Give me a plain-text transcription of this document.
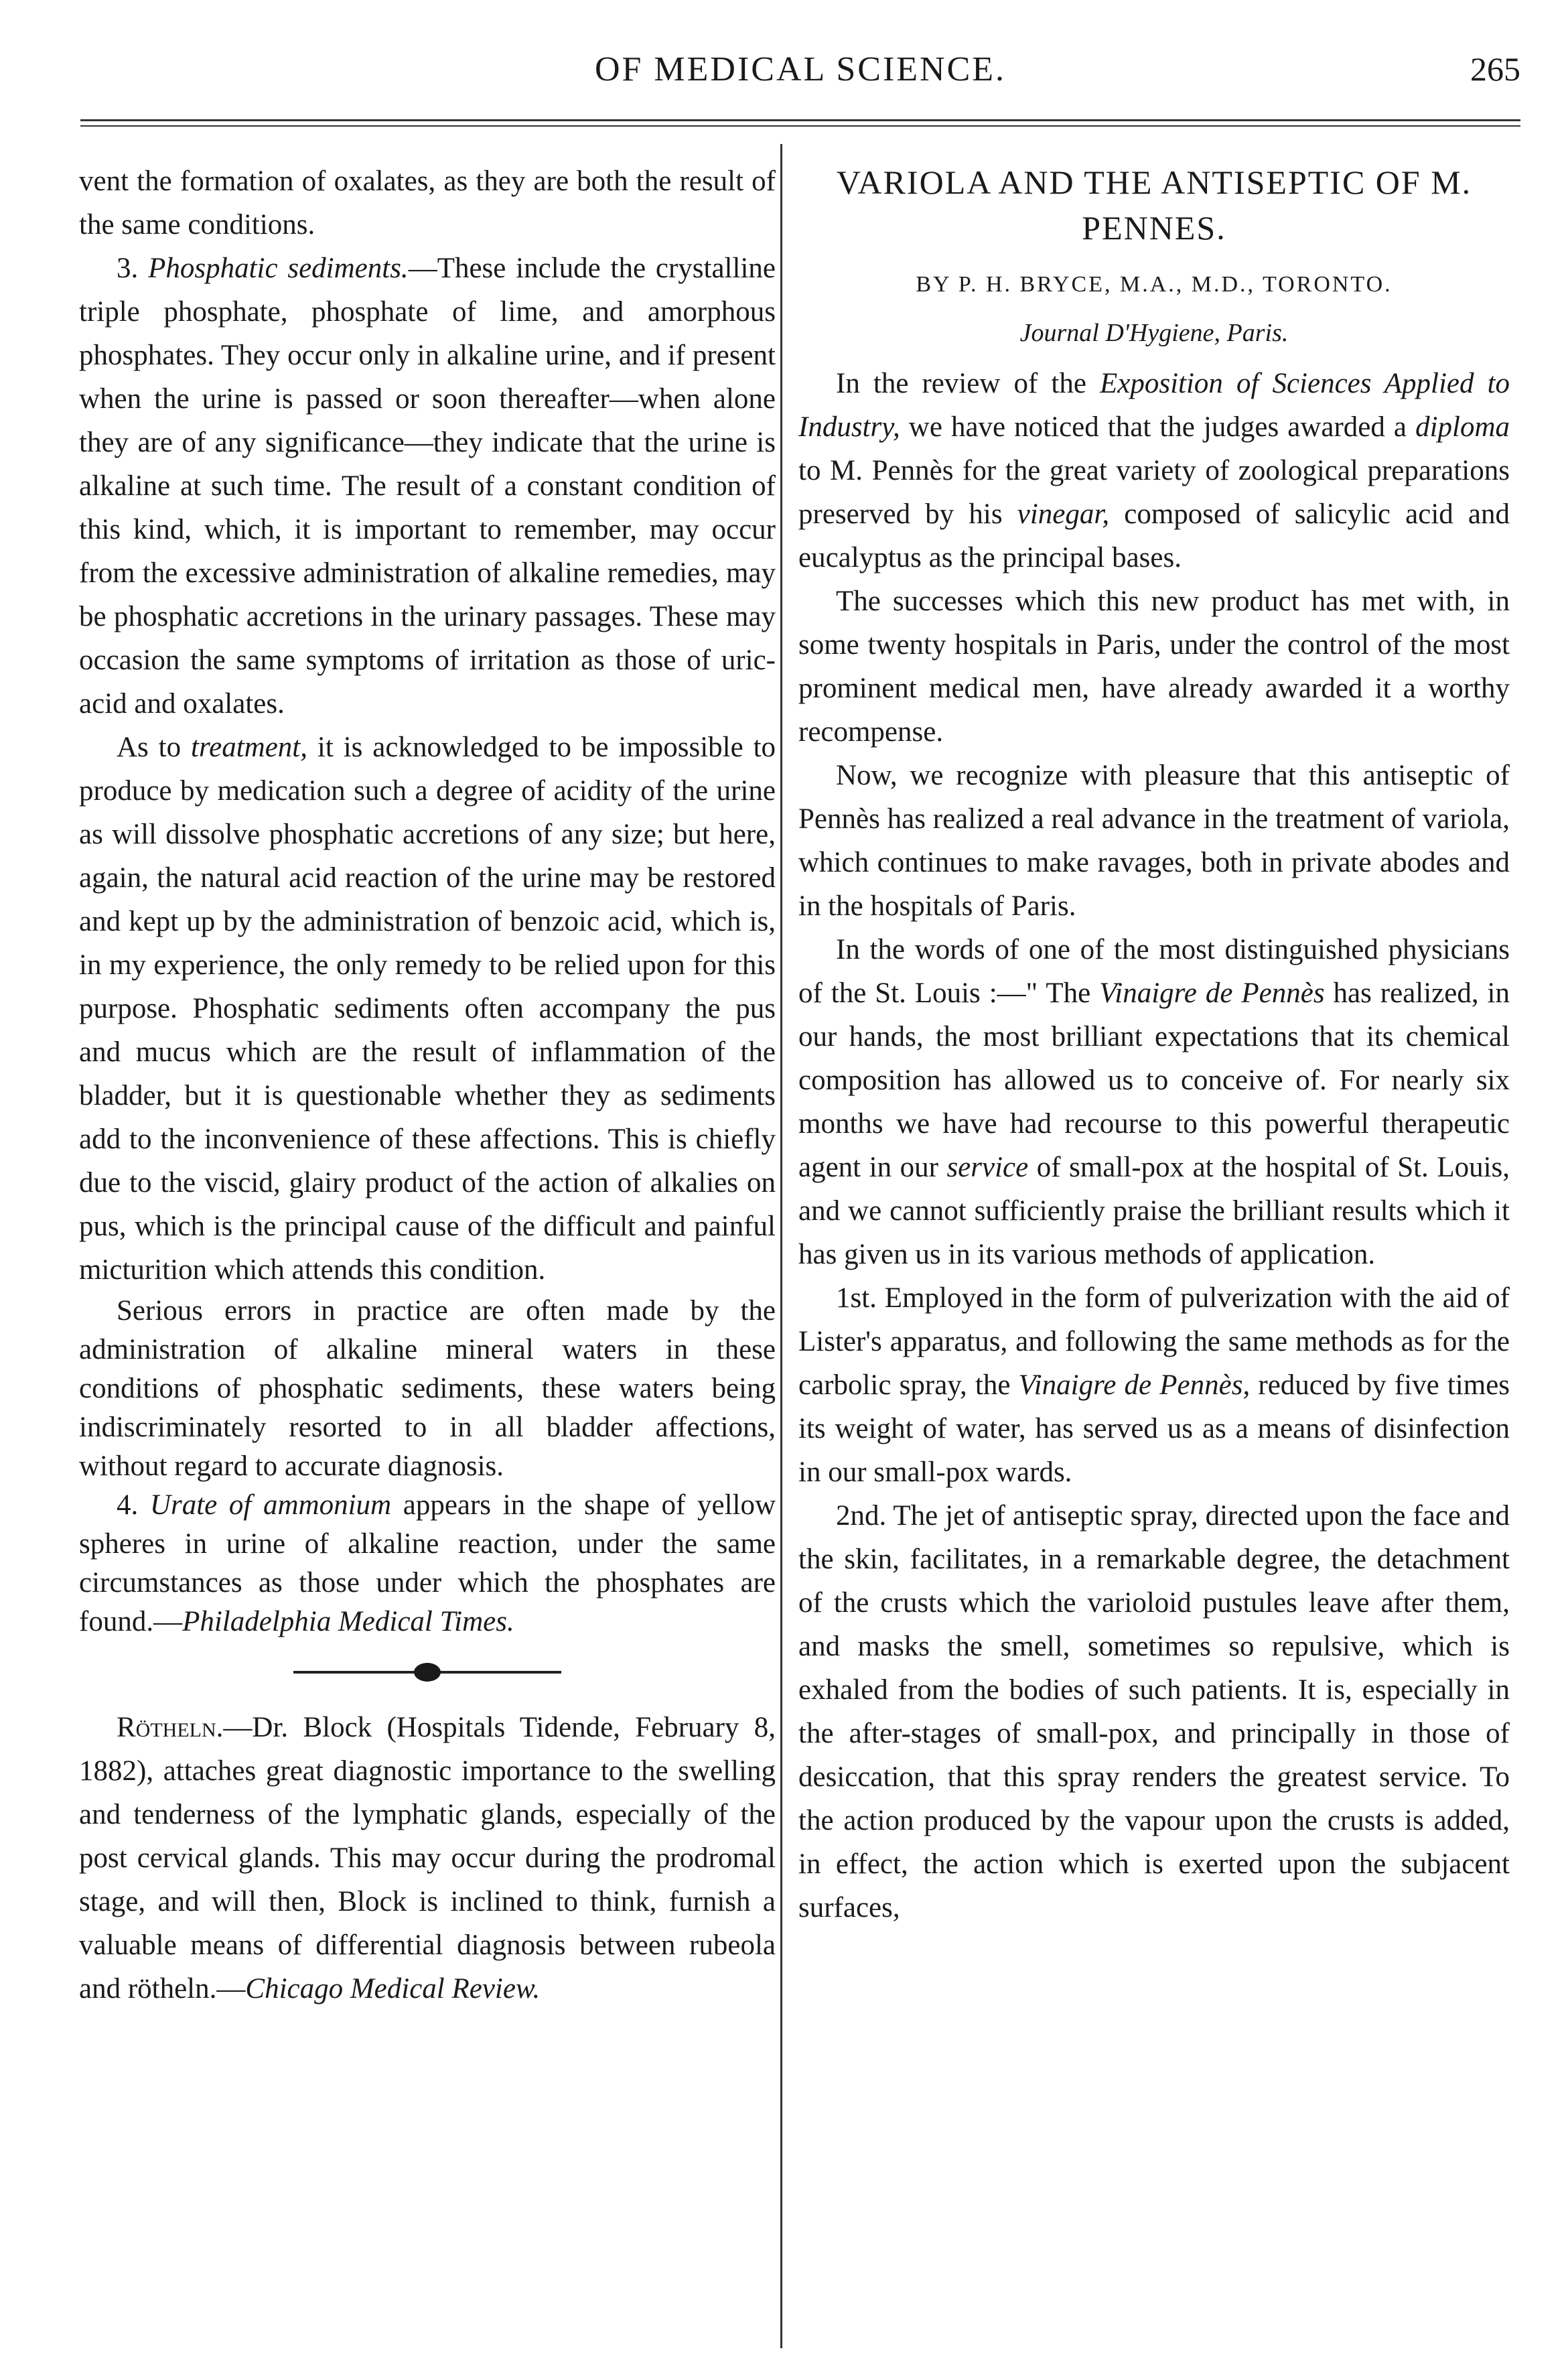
OF MEDICAL SCIENCE.	265

vent the formation of oxalates, as they are both the result of the same conditions.

3. Phosphatic sediments.—These include the crystalline triple phosphate, phosphate of lime, and amorphous phosphates. They occur only in alkaline urine, and if present when the urine is passed or soon thereafter—when alone they are of any significance—they indicate that the urine is alkaline at such time. The result of a constant condition of this kind, which, it is important to remember, may occur from the excessive administration of alkaline remedies, may be phosphatic accretions in the urinary passages. These may occasion the same symptoms of irritation as those of uric-acid and oxalates.

As to treatment, it is acknowledged to be impossible to produce by medication such a degree of acidity of the urine as will dissolve phosphatic accretions of any size; but here, again, the natural acid reaction of the urine may be restored and kept up by the administration of benzoic acid, which is, in my experience, the only remedy to be relied upon for this purpose. Phosphatic sediments often accompany the pus and mucus which are the result of inflammation of the bladder, but it is questionable whether they as sediments add to the inconvenience of these affections. This is chiefly due to the viscid, glairy product of the action of alkalies on pus, which is the principal cause of the difficult and painful micturition which attends this condition.

Serious errors in practice are often made by the administration of alkaline mineral waters in these conditions of phosphatic sediments, these waters being indiscriminately resorted to in all bladder affections, without regard to accurate diagnosis.

4. Urate of ammonium appears in the shape of yellow spheres in urine of alkaline reaction, under the same circumstances as those under which the phosphates are found.—Philadelphia Medical Times.

Rötheln.—Dr. Block (Hospitals Tidende, February 8, 1882), attaches great diagnostic importance to the swelling and tenderness of the lymphatic glands, especially of the post cervical glands. This may occur during the prodromal stage, and will then, Block is inclined to think, furnish a valuable means of differential diagnosis between rubeola and rötheln.—Chicago Medical Review.

VARIOLA AND THE ANTISEPTIC OF M. PENNES.

BY P. H. BRYCE, M.A., M.D., TORONTO.

Journal D'Hygiene, Paris.

In the review of the Exposition of Sciences Applied to Industry, we have noticed that the judges awarded a diploma to M. Pennès for the great variety of zoological preparations preserved by his vinegar, composed of salicylic acid and eucalyptus as the principal bases.

The successes which this new product has met with, in some twenty hospitals in Paris, under the control of the most prominent medical men, have already awarded it a worthy recompense.

Now, we recognize with pleasure that this antiseptic of Pennès has realized a real advance in the treatment of variola, which continues to make ravages, both in private abodes and in the hospitals of Paris.

In the words of one of the most distinguished physicians of the St. Louis :—" The Vinaigre de Pennès has realized, in our hands, the most brilliant expectations that its chemical composition has allowed us to conceive of. For nearly six months we have had recourse to this powerful therapeutic agent in our service of small-pox at the hospital of St. Louis, and we cannot sufficiently praise the brilliant results which it has given us in its various methods of application.

1st. Employed in the form of pulverization with the aid of Lister's apparatus, and following the same methods as for the carbolic spray, the Vinaigre de Pennès, reduced by five times its weight of water, has served us as a means of disinfection in our small-pox wards.

2nd. The jet of antiseptic spray, directed upon the face and the skin, facilitates, in a remarkable degree, the detachment of the crusts which the varioloid pustules leave after them, and masks the smell, sometimes so repulsive, which is exhaled from the bodies of such patients. It is, especially in the after-stages of small-pox, and principally in those of desiccation, that this spray renders the greatest service. To the action produced by the vapour upon the crusts is added, in effect, the action which is exerted upon the subjacent surfaces,
